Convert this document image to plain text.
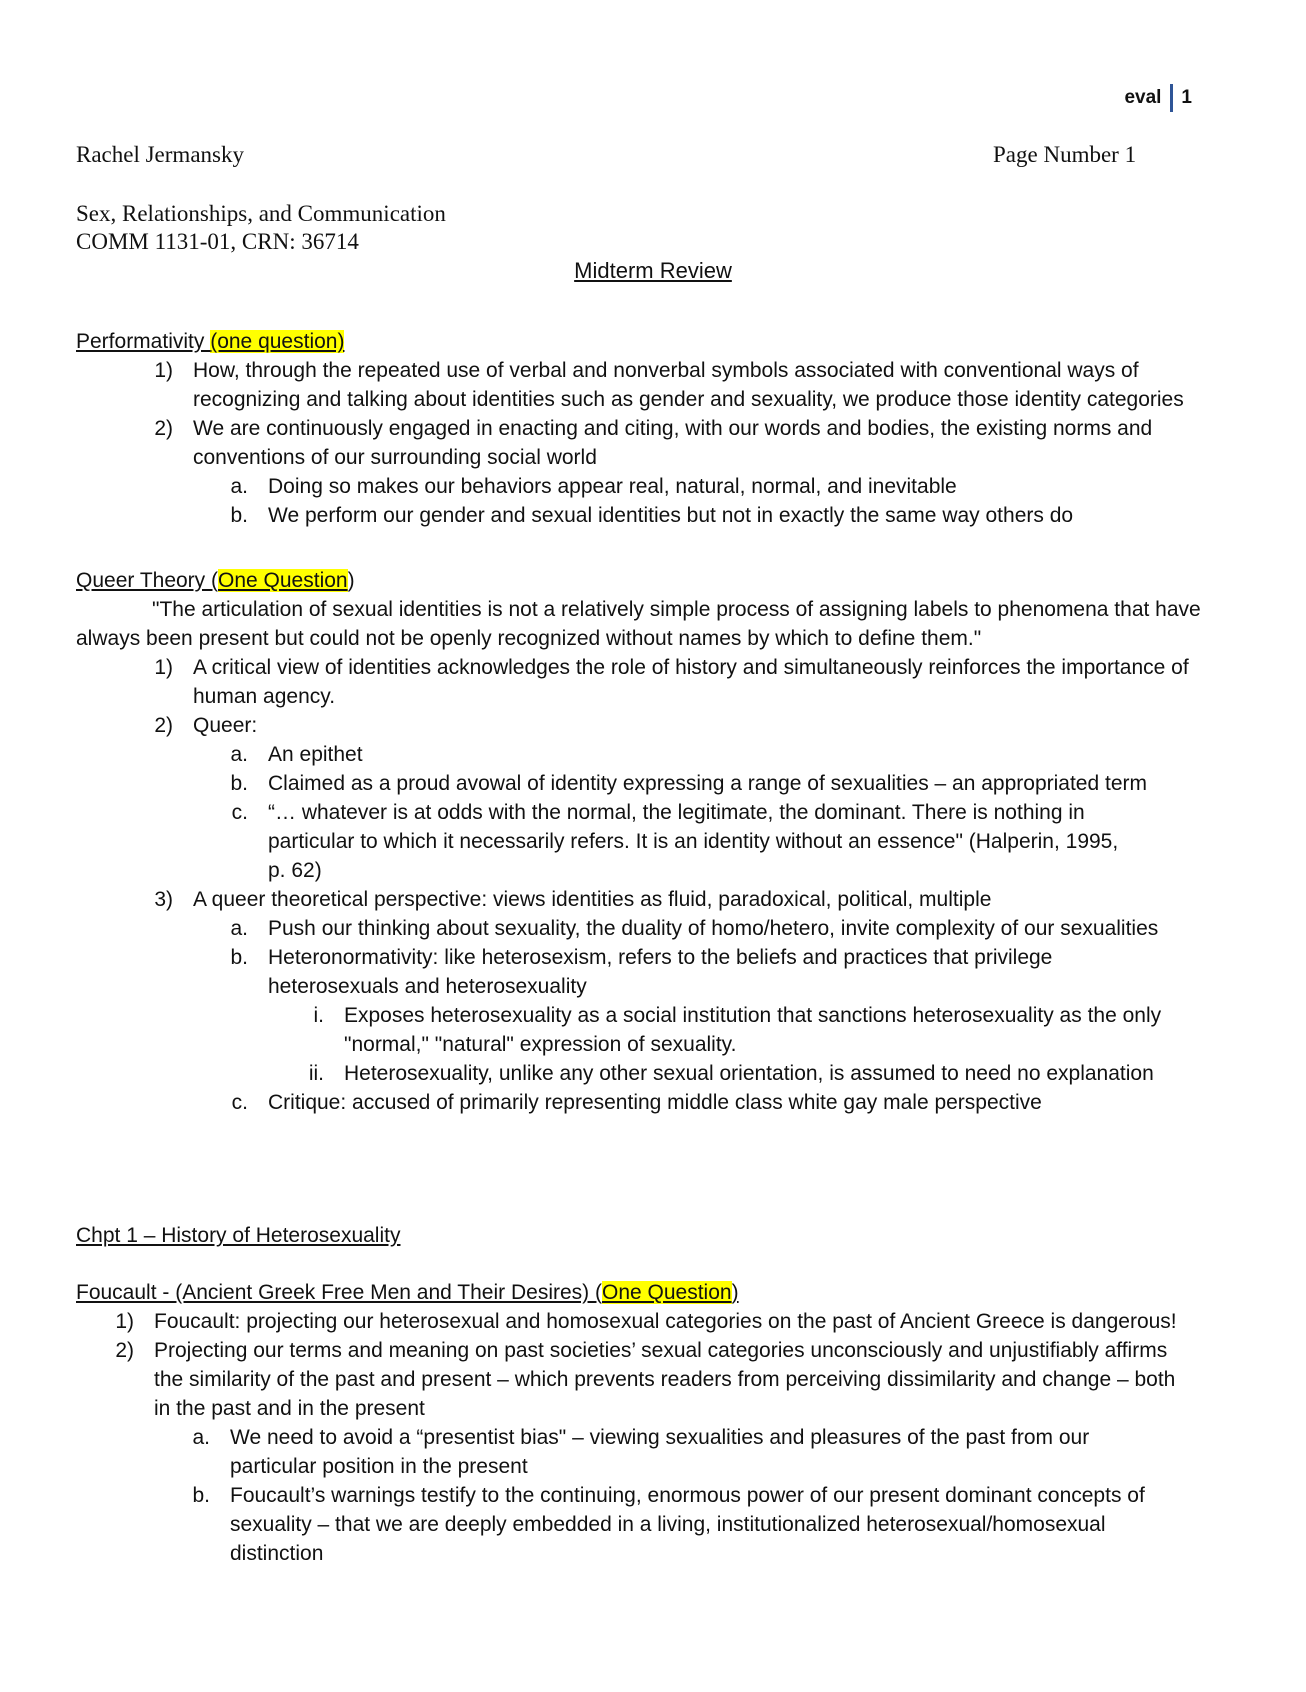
eval 1
Rachel Jermansky	Page Number 1
Sex, Relationships, and Communication
COMM 1131-01, CRN: 36714
Midterm Review
Performativity (one question)
1) How, through the repeated use of verbal and nonverbal symbols associated with conventional ways of recognizing and talking about identities such as gender and sexuality, we produce those identity categories
2) We are continuously engaged in enacting and citing, with our words and bodies, the existing norms and conventions of our surrounding social world
a. Doing so makes our behaviors appear real, natural, normal, and inevitable
b. We perform our gender and sexual identities but not in exactly the same way others do
Queer Theory (One Question)
"The articulation of sexual identities is not a relatively simple process of assigning labels to phenomena that have always been present but could not be openly recognized without names by which to define them."
1) A critical view of identities acknowledges the role of history and simultaneously reinforces the importance of human agency.
2) Queer:
a. An epithet
b. Claimed as a proud avowal of identity expressing a range of sexualities – an appropriated term
c. “… whatever is at odds with the normal, the legitimate, the dominant. There is nothing in particular to which it necessarily refers. It is an identity without an essence" (Halperin, 1995, p. 62)
3) A queer theoretical perspective: views identities as fluid, paradoxical, political, multiple
a. Push our thinking about sexuality, the duality of homo/hetero, invite complexity of our sexualities
b. Heteronormativity: like heterosexism, refers to the beliefs and practices that privilege heterosexuals and heterosexuality
i. Exposes heterosexuality as a social institution that sanctions heterosexuality as the only "normal," "natural" expression of sexuality.
ii. Heterosexuality, unlike any other sexual orientation, is assumed to need no explanation
c. Critique: accused of primarily representing middle class white gay male perspective
Chpt 1 – History of Heterosexuality
Foucault - (Ancient Greek Free Men and Their Desires) (One Question)
1) Foucault: projecting our heterosexual and homosexual categories on the past of Ancient Greece is dangerous!
2) Projecting our terms and meaning on past societies’ sexual categories unconsciously and unjustifiably affirms the similarity of the past and present – which prevents readers from perceiving dissimilarity and change – both in the past and in the present
a. We need to avoid a “presentist bias" – viewing sexualities and pleasures of the past from our particular position in the present
b. Foucault’s warnings testify to the continuing, enormous power of our present dominant concepts of sexuality – that we are deeply embedded in a living, institutionalized heterosexual/homosexual distinction
